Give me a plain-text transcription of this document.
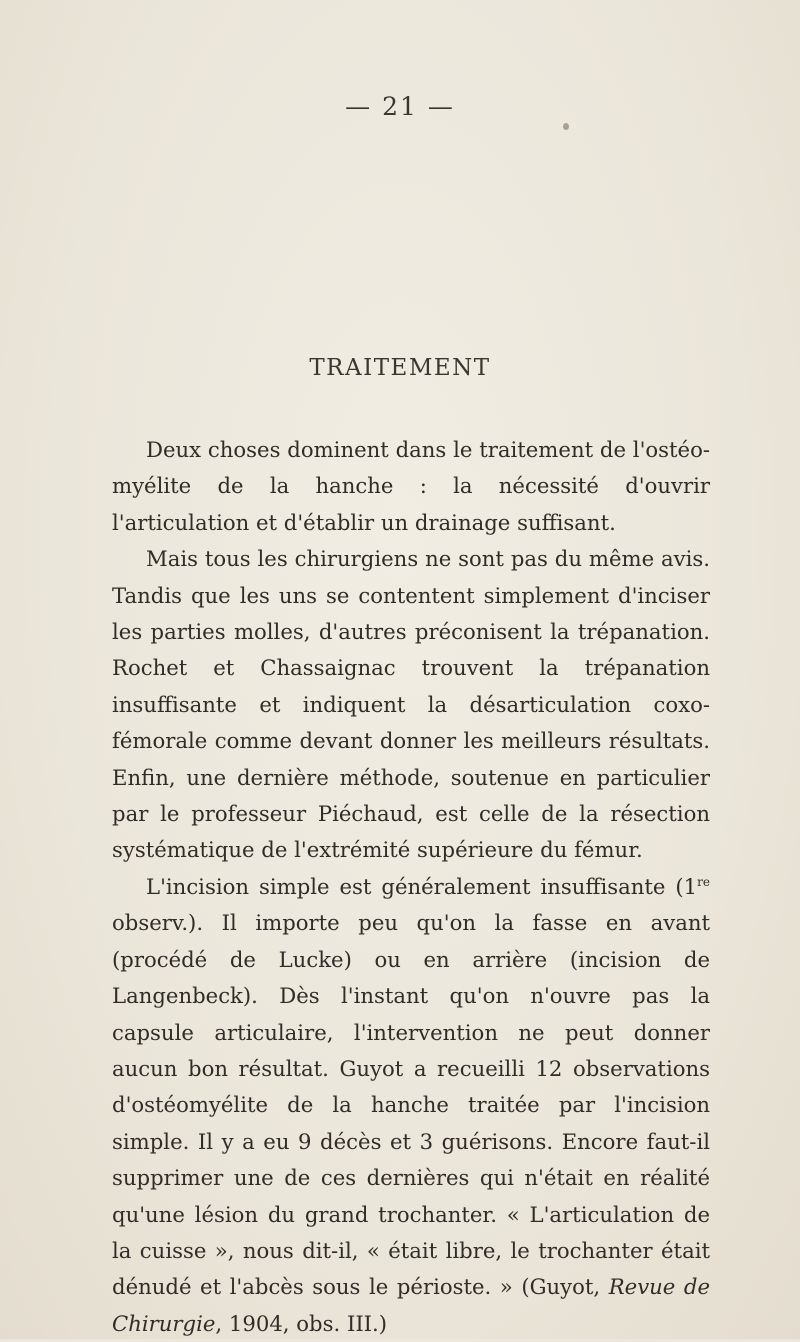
— 21 —
TRAITEMENT

Deux choses dominent dans le traitement de l'ostéo-myélite de la hanche : la nécessité d'ouvrir l'articulation et d'établir un drainage suffisant.

Mais tous les chirurgiens ne sont pas du même avis. Tandis que les uns se contentent simplement d'inciser les parties molles, d'autres préconisent la trépanation. Rochet et Chassaignac trouvent la trépanation insuffisante et indiquent la désarticulation coxo-fémorale comme devant donner les meilleurs résultats. Enfin, une dernière méthode, soutenue en particulier par le professeur Piéchaud, est celle de la résection systématique de l'extrémité supérieure du fémur.

L'incision simple est généralement insuffisante (1re observ.). Il importe peu qu'on la fasse en avant (procédé de Lucke) ou en arrière (incision de Langenbeck). Dès l'instant qu'on n'ouvre pas la capsule articulaire, l'intervention ne peut donner aucun bon résultat. Guyot a recueilli 12 observations d'ostéomyélite de la hanche traitée par l'incision simple. Il y a eu 9 décès et 3 guérisons. Encore faut-il supprimer une de ces dernières qui n'était en réalité qu'une lésion du grand trochanter. « L'articulation de la cuisse », nous dit-il, « était libre, le trochanter était dénudé et l'abcès sous le périoste. » (Guyot, Revue de Chirurgie, 1904, obs. III.)
